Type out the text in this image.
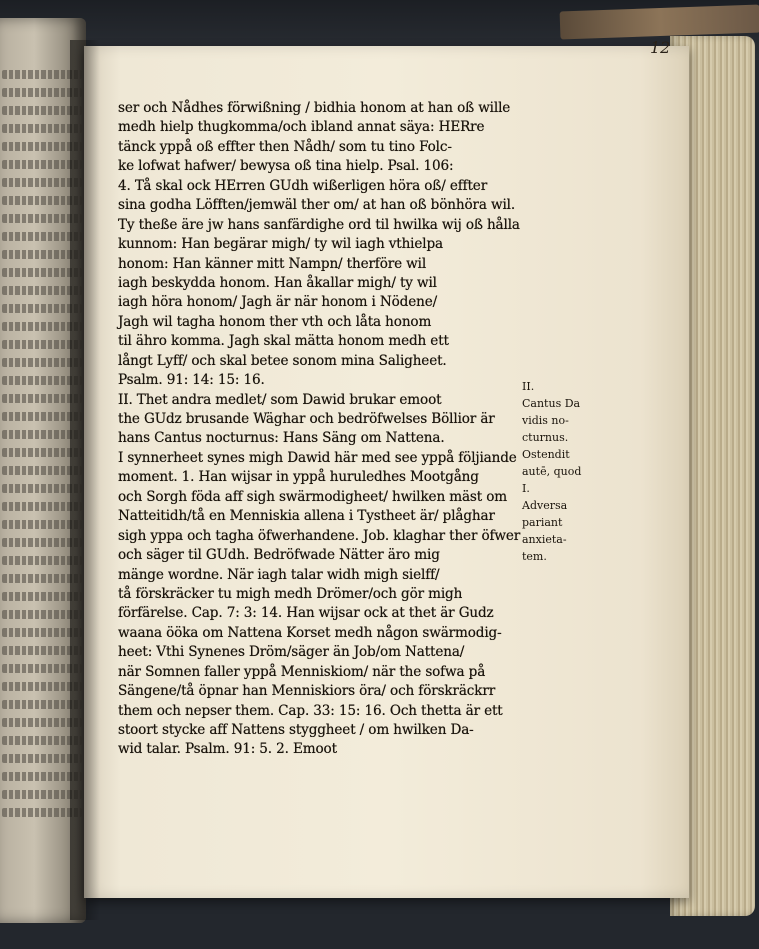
12
ser och Nådhes förwißning / bidhia honom at han oß wille
medh hielp thugkomma/och ibland annat säya: HERre
tänck yppå oß effter then Nådh/ som tu tino Folc-
ke lofwat hafwer/ bewysa oß tina hielp. Psal. 106:
4. Tå skal ock HErren GUdh wißerligen höra oß/ effter
sina godha Löfften/jemwäl ther om/ at han oß bönhöra wil.
Ty theße äre jw hans sanfärdighe ord til hwilka wij oß hålla
kunnom: Han begärar migh/ ty wil iagh vthielpa
honom: Han känner mitt Nampn/ therföre wil
iagh beskydda honom. Han åkallar migh/ ty wil
iagh höra honom/ Jagh är när honom i Nödene/
Jagh wil tagha honom ther vth och låta honom
til ähro komma. Jagh skal mätta honom medh ett
långt Lyff/ och skal betee sonom mina Saligheet.
Psalm. 91: 14: 15: 16.
II. Thet andra medlet/ som Dawid brukar emoot
the GUdz brusande Wäghar och bedröfwelses Böllior är
hans Cantus nocturnus: Hans Säng om Nattena.
I synnerheet synes migh Dawid här med see yppå följiande
moment. 1. Han wijsar in yppå huruledhes Mootgång
och Sorgh föda aff sigh swärmodigheet/ hwilken mäst om
Natteitidh/tå en Menniskia allena i Tystheet är/ plåghar
sigh yppa och tagha öfwerhandene. Job. klaghar ther öfwer
och säger til GUdh. Bedröfwade Nätter äro mig
mänge wordne. När iagh talar widh migh sielff/
tå förskräcker tu migh medh Drömer/och gör migh
förfärelse. Cap. 7: 3: 14. Han wijsar ock at thet är Gudz
waana ööka om Nattena Korset medh någon swärmodig-
heet: Vthi Synenes Dröm/säger än Job/om Nattena/
när Somnen faller yppå Menniskiom/ när the sofwa på
Sängene/tå öpnar han Menniskiors öra/ och förskräckrr
them och nepser them. Cap. 33: 15: 16. Och thetta är ett
stoort stycke aff Nattens styggheet / om hwilken Da-
wid talar. Psalm. 91: 5. 2. Emoot
II.
Cantus Da
vidis no-
cturnus.
Ostendit
autē, quod
I.
Adversa
pariant
anxieta-
tem.
